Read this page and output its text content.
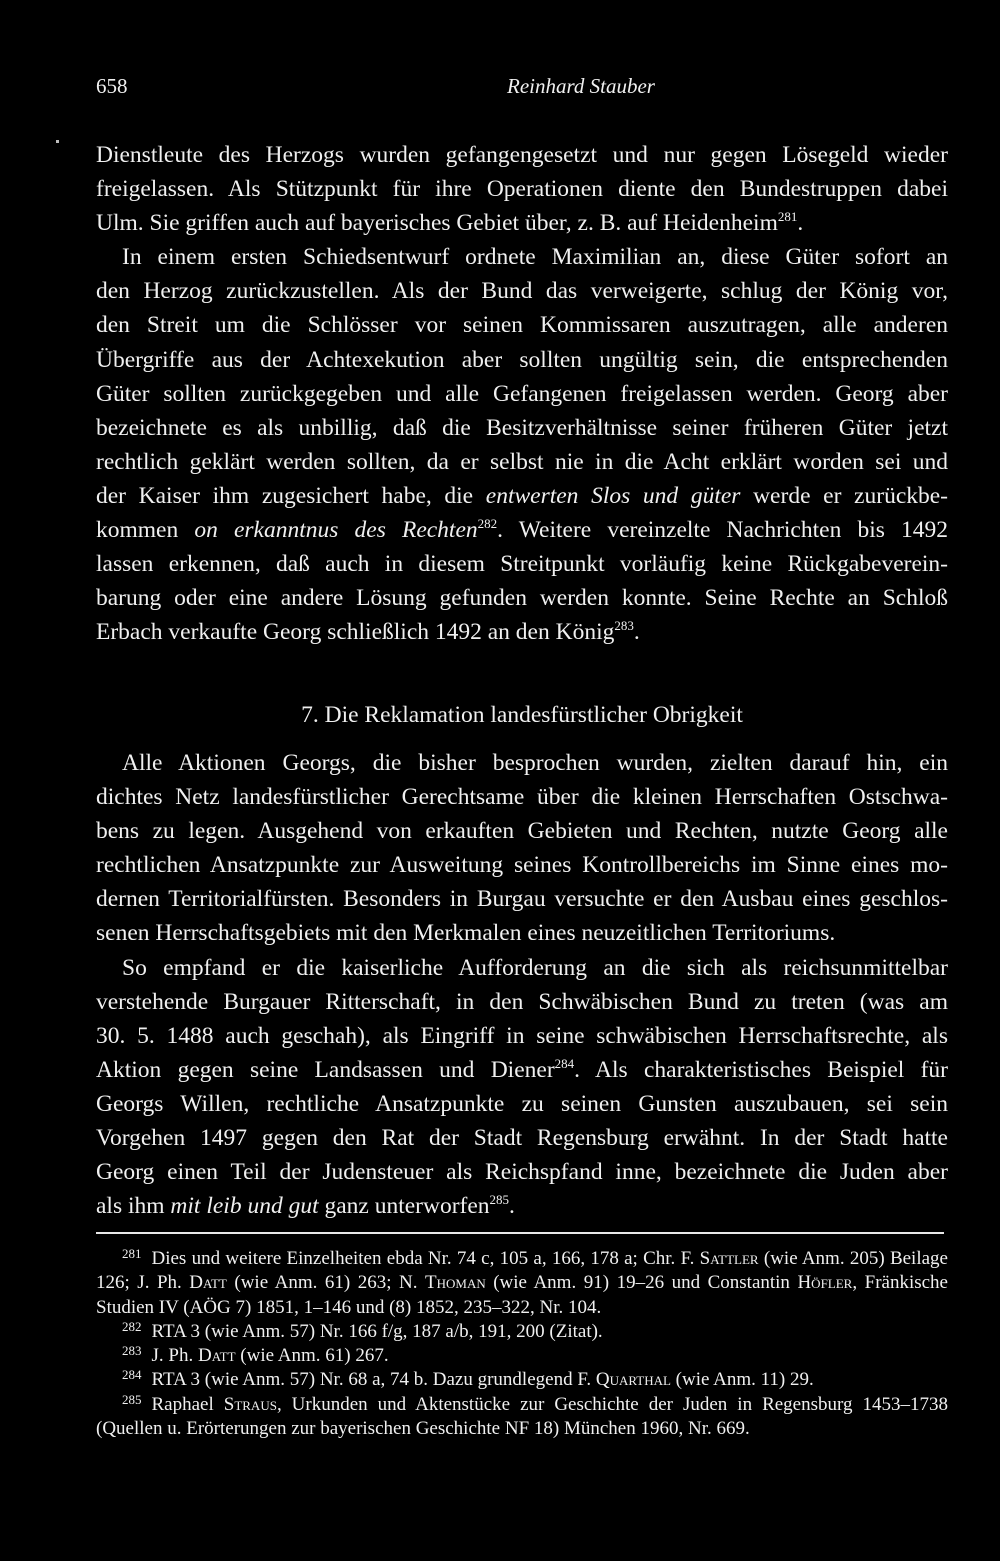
658	Reinhard Stauber
Dienstleute des Herzogs wurden gefangengesetzt und nur gegen Lösegeld wieder
freigelassen. Als Stützpunkt für ihre Operationen diente den Bundestruppen dabei
Ulm. Sie griffen auch auf bayerisches Gebiet über, z. B. auf Heidenheim$^{281}$.
In einem ersten Schiedsentwurf ordnete Maximilian an, diese Güter sofort an
den Herzog zurückzustellen. Als der Bund das verweigerte, schlug der König vor,
den Streit um die Schlösser vor seinen Kommissaren auszutragen, alle anderen
Übergriffe aus der Achtexekution aber sollten ungültig sein, die entsprechenden
Güter sollten zurückgegeben und alle Gefangenen freigelassen werden. Georg aber
bezeichnete es als unbillig, daß die Besitzverhältnisse seiner früheren Güter jetzt
rechtlich geklärt werden sollten, da er selbst nie in die Acht erklärt worden sei und
der Kaiser ihm zugesichert habe, die entwerten Slos und güter werde er zurückbe-
kommen on erkanntnus des Rechten$^{282}$. Weitere vereinzelte Nachrichten bis 1492
lassen erkennen, daß auch in diesem Streitpunkt vorläufig keine Rückgabeverein-
barung oder eine andere Lösung gefunden werden konnte. Seine Rechte an Schloß
Erbach verkaufte Georg schließlich 1492 an den König$^{283}$.
7. Die Reklamation landesfürstlicher Obrigkeit
Alle Aktionen Georgs, die bisher besprochen wurden, zielten darauf hin, ein
dichtes Netz landesfürstlicher Gerechtsame über die kleinen Herrschaften Ostschwa-
bens zu legen. Ausgehend von erkauften Gebieten und Rechten, nutzte Georg alle
rechtlichen Ansatzpunkte zur Ausweitung seines Kontrollbereichs im Sinne eines mo-
dernen Territorialfürsten. Besonders in Burgau versuchte er den Ausbau eines geschlos-
senen Herrschaftsgebiets mit den Merkmalen eines neuzeitlichen Territoriums.
So empfand er die kaiserliche Aufforderung an die sich als reichsunmittelbar
verstehende Burgauer Ritterschaft, in den Schwäbischen Bund zu treten (was am
30. 5. 1488 auch geschah), als Eingriff in seine schwäbischen Herrschaftsrechte, als
Aktion gegen seine Landsassen und Diener$^{284}$. Als charakteristisches Beispiel für
Georgs Willen, rechtliche Ansatzpunkte zu seinen Gunsten auszubauen, sei sein
Vorgehen 1497 gegen den Rat der Stadt Regensburg erwähnt. In der Stadt hatte
Georg einen Teil der Judensteuer als Reichspfand inne, bezeichnete die Juden aber
als ihm mit leib und gut ganz unterworfen$^{285}$.
281 Dies und weitere Einzelheiten ebda Nr. 74 c, 105 a, 166, 178 a; Chr. F. Sattler (wie Anm. 205) Beilage 126; J. Ph. Datt (wie Anm. 61) 263; N. Thoman (wie Anm. 91) 19–26 und Constantin Höfler, Fränkische Studien IV (AÖG 7) 1851, 1–146 und (8) 1852, 235–322, Nr. 104.
282 RTA 3 (wie Anm. 57) Nr. 166 f/g, 187 a/b, 191, 200 (Zitat).
283 J. Ph. Datt (wie Anm. 61) 267.
284 RTA 3 (wie Anm. 57) Nr. 68 a, 74 b. Dazu grundlegend F. Quarthal (wie Anm. 11) 29.
285 Raphael Straus, Urkunden und Aktenstücke zur Geschichte der Juden in Regensburg 1453–1738 (Quellen u. Erörterungen zur bayerischen Geschichte NF 18) München 1960, Nr. 669.
